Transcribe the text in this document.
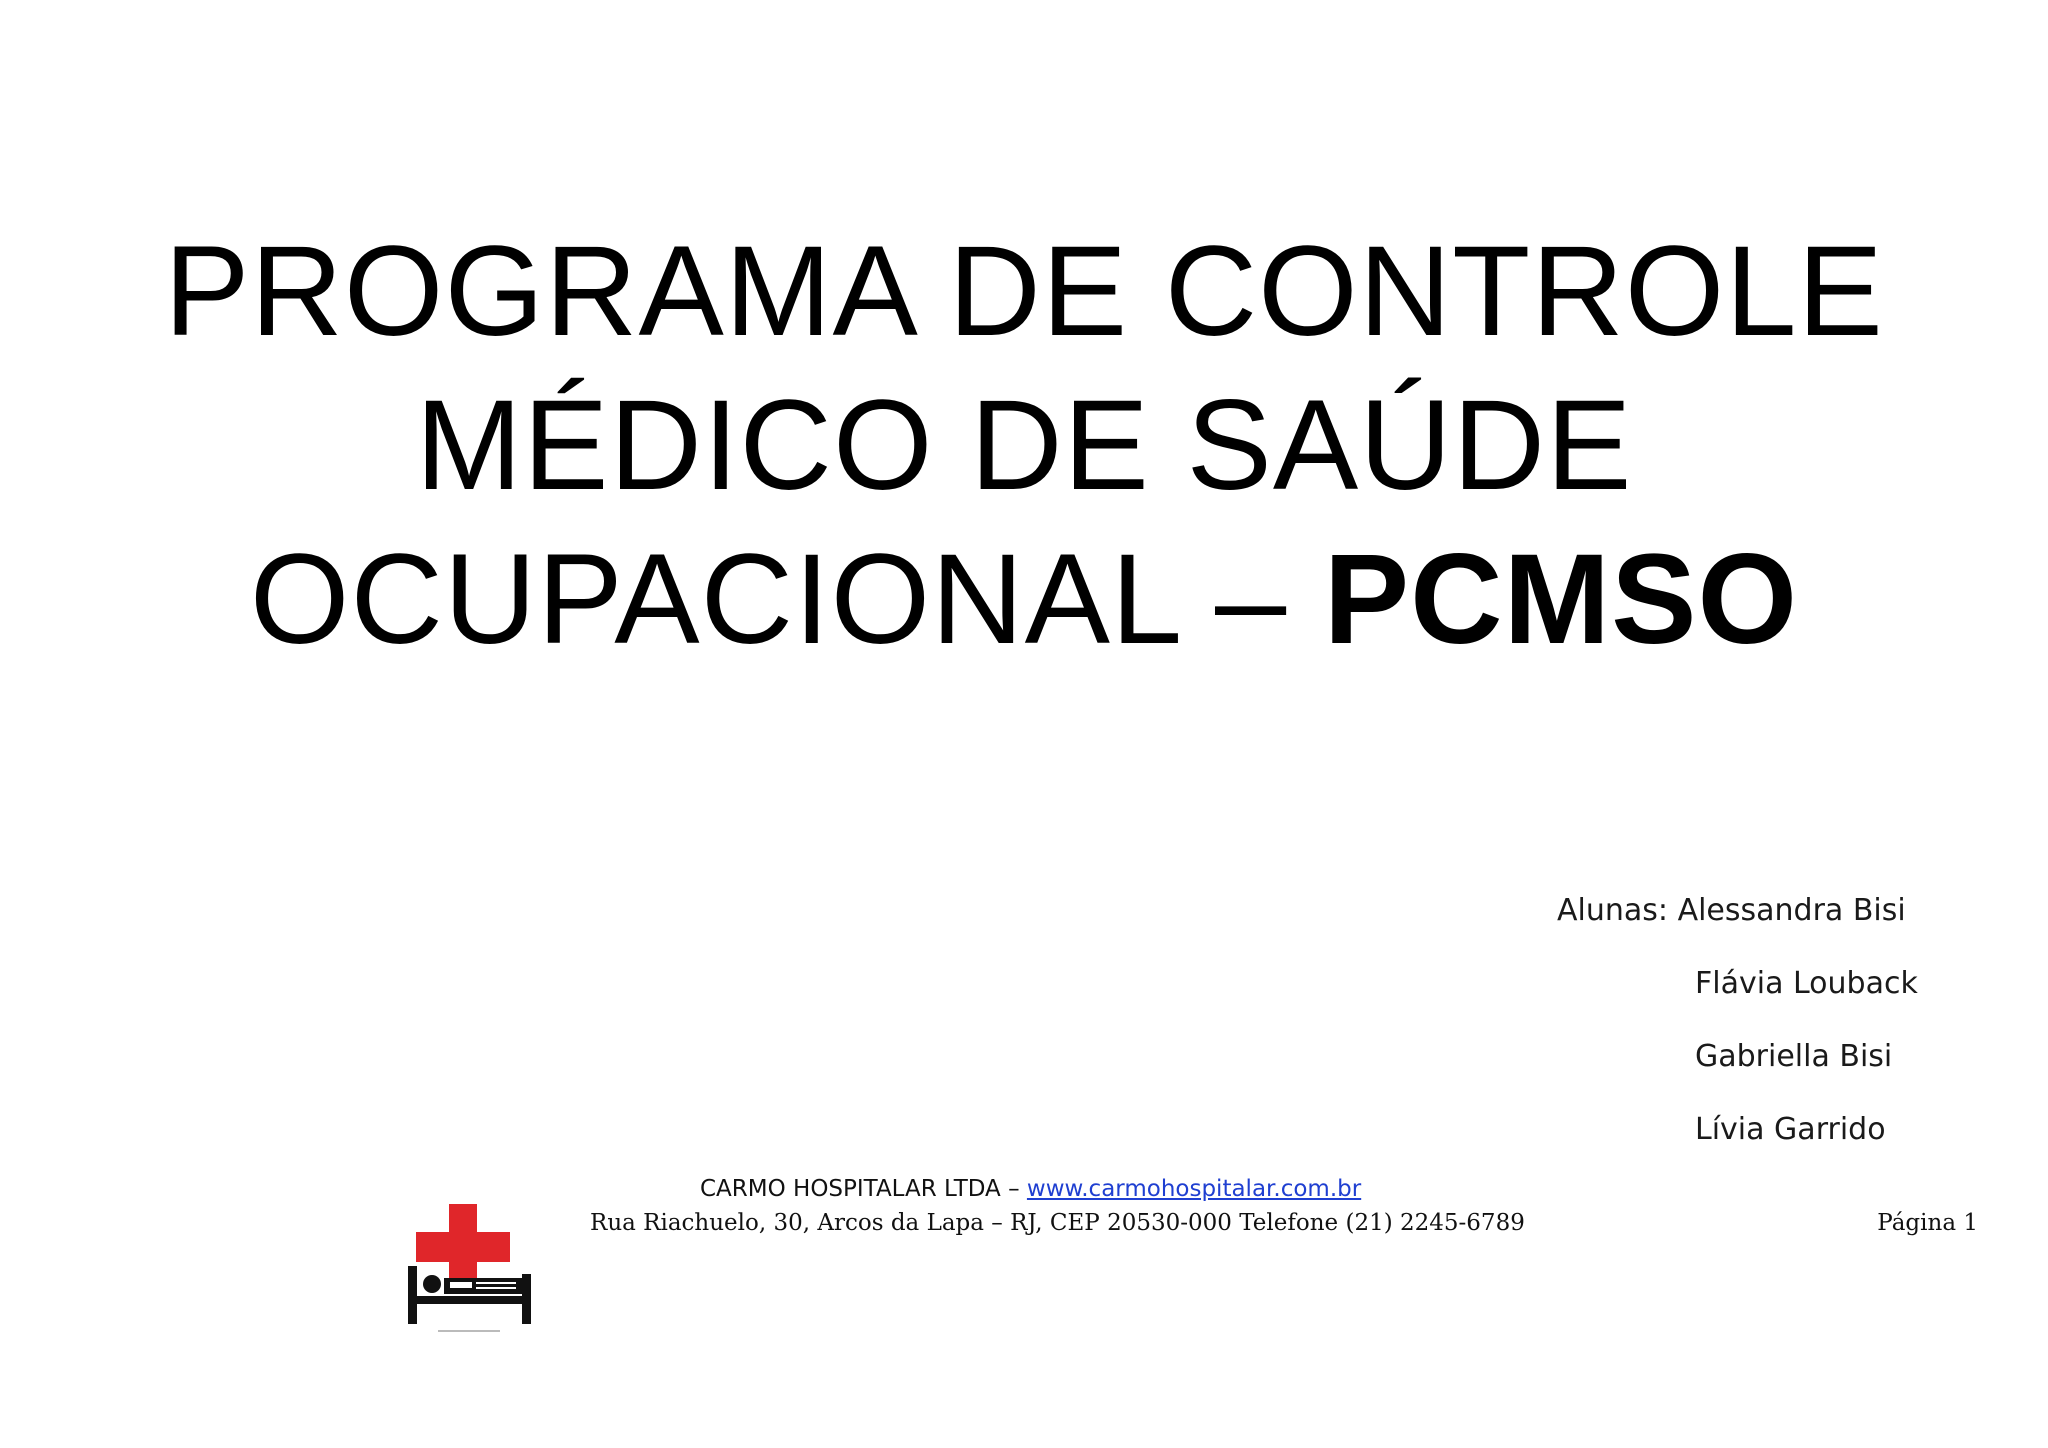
PROGRAMA DE CONTROLE
MÉDICO DE SAÚDE
OCUPACIONAL – PCMSO
Alunas: Alessandra Bisi
Flávia Louback
Gabriella Bisi
Lívia Garrido
CARMO HOSPITALAR LTDA – www.carmohospitalar.com.br
Rua Riachuelo, 30, Arcos da Lapa – RJ, CEP 20530-000 Telefone (21) 2245-6789	Página 1
